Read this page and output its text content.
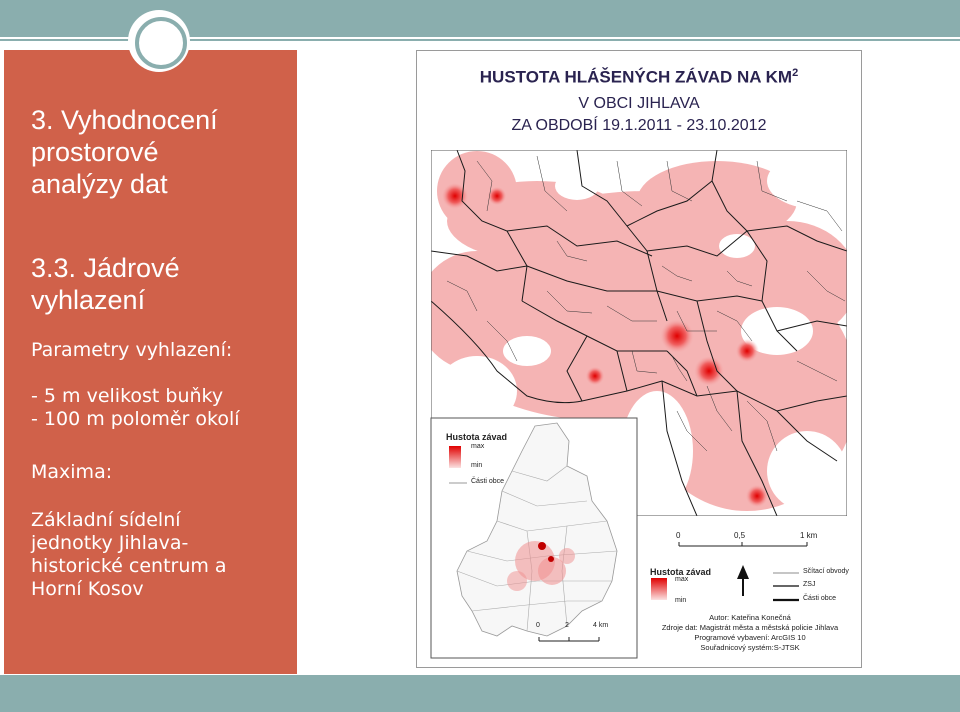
3. Vyhodnocení
prostorové
analýzy dat
3.3. Jádrové
vyhlazení
Parametry vyhlazení:
- 5 m velikost buňky
- 100 m poloměr okolí
Maxima:
Základní sídelní
jednotky Jihlava-
historické centrum a
Horní Kosov
HUSTOTA HLÁŠENÝCH ZÁVAD NA $KM^2$
V OBCI JIHLAVA
ZA OBDOBÍ 19.1.2011 - 23.10.2012
Hustota závad
max
min
Části obce
0	2	4 km
0	0,5	1 km
Hustota závad
max
min
Sčítací obvody
ZSJ
Části obce
Autor: Kateřina Konečná
Zdroje dat: Magistrát města a městská policie Jihlava
Programové vybavení: ArcGIS 10
Souřadnicový systém:S-JTSK
